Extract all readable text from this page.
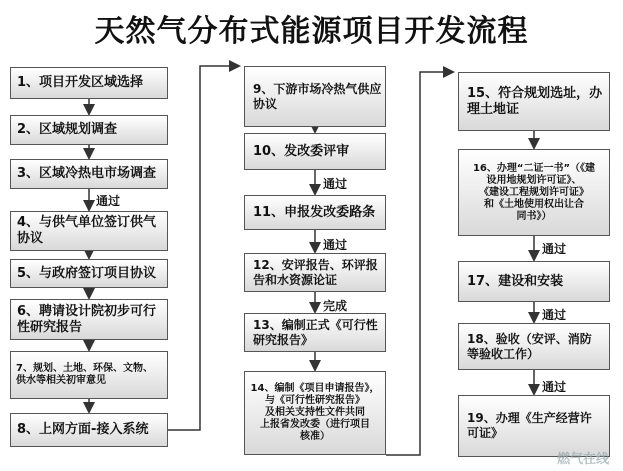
天然气分布式能源项目开发流程
1、项目开发区域选择
2、区域规划调查
3、区域冷热电市场调查
通过
4、与供气单位签订供气
协议
5、与政府签订项目协议
6、聘请设计院初步可行
性研究报告
7、规划、土地、环保、文物、
供水等相关初审意见
8、上网方面-接入系统
9、下游市场冷热气供应
协议
10、发改委评审
通过
11、申报发改委路条
通过
12、安评报告、环评报
告和水资源论证
完成
13、编制正式《可行性
研究报告》
14、编制《项目申请报告》，
与《可行性研究报告》
及相关支持性文件共同
上报省发改委（进行项目
核准）
15、符合规划选址，办
理土地证
16、办理“二证一书”（《建
设用地规划许可证》、
《建设工程规划许可证》
和《土地使用权出让合
同书》）
通过
17、建设和安装
通过
18、验收（安评、消防
等验收工作）
通过
19、办理《生产经营许
可证》
燃气在线
